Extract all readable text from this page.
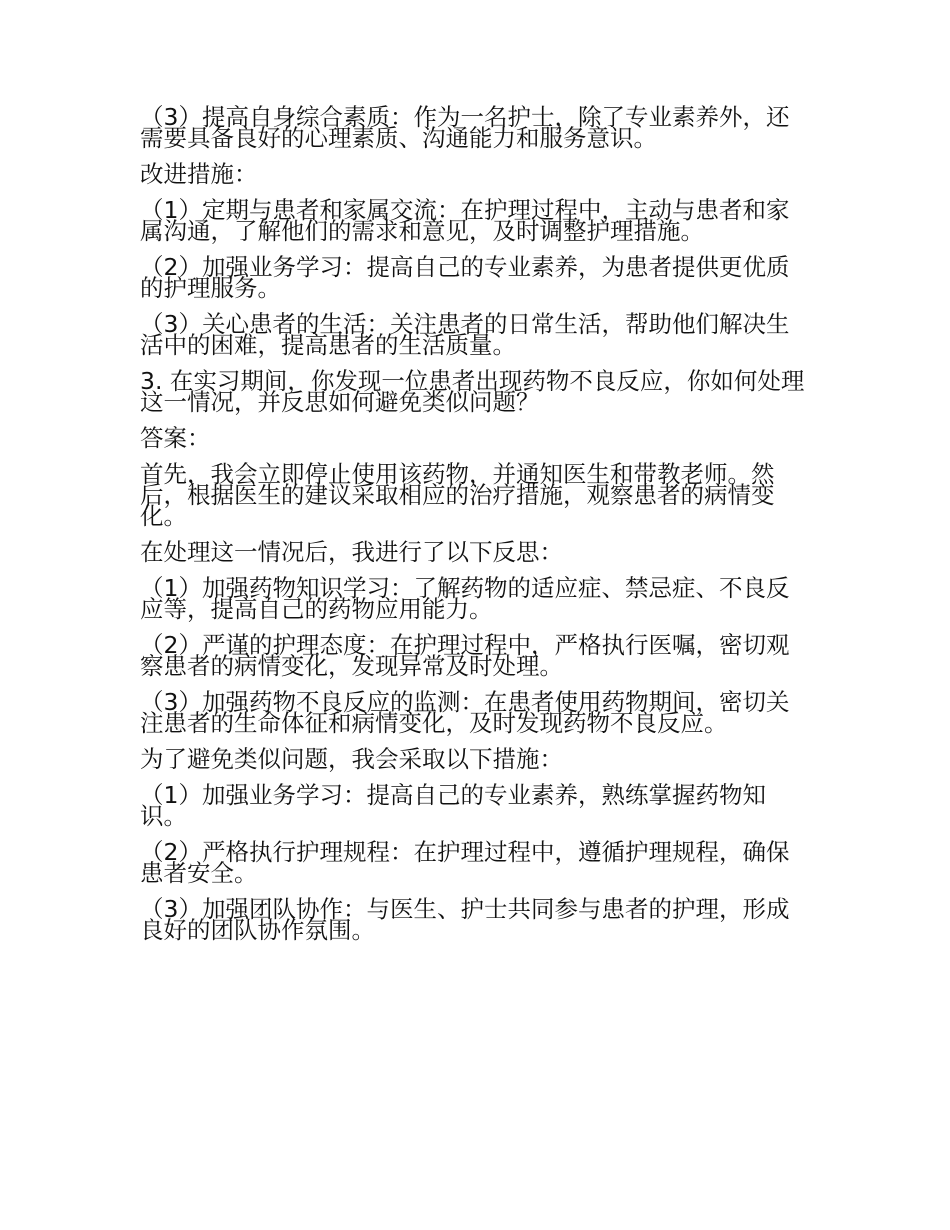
（3）提高自身综合素质：作为一名护士，除了专业素养外，还需要具备良好的心理素质、沟通能力和服务意识。

改进措施：

（1）定期与患者和家属交流：在护理过程中，主动与患者和家属沟通，了解他们的需求和意见，及时调整护理措施。

（2）加强业务学习：提高自己的专业素养，为患者提供更优质的护理服务。

（3）关心患者的生活：关注患者的日常生活，帮助他们解决生活中的困难，提高患者的生活质量。

3. 在实习期间，你发现一位患者出现药物不良反应，你如何处理这一情况，并反思如何避免类似问题？

答案：

首先，我会立即停止使用该药物，并通知医生和带教老师。然后，根据医生的建议采取相应的治疗措施，观察患者的病情变化。

在处理这一情况后，我进行了以下反思：

（1）加强药物知识学习：了解药物的适应症、禁忌症、不良反应等，提高自己的药物应用能力。

（2）严谨的护理态度：在护理过程中，严格执行医嘱，密切观察患者的病情变化，发现异常及时处理。

（3）加强药物不良反应的监测：在患者使用药物期间，密切关注患者的生命体征和病情变化，及时发现药物不良反应。

为了避免类似问题，我会采取以下措施：

（1）加强业务学习：提高自己的专业素养，熟练掌握药物知识。

（2）严格执行护理规程：在护理过程中，遵循护理规程，确保患者安全。

（3）加强团队协作：与医生、护士共同参与患者的护理，形成良好的团队协作氛围。
